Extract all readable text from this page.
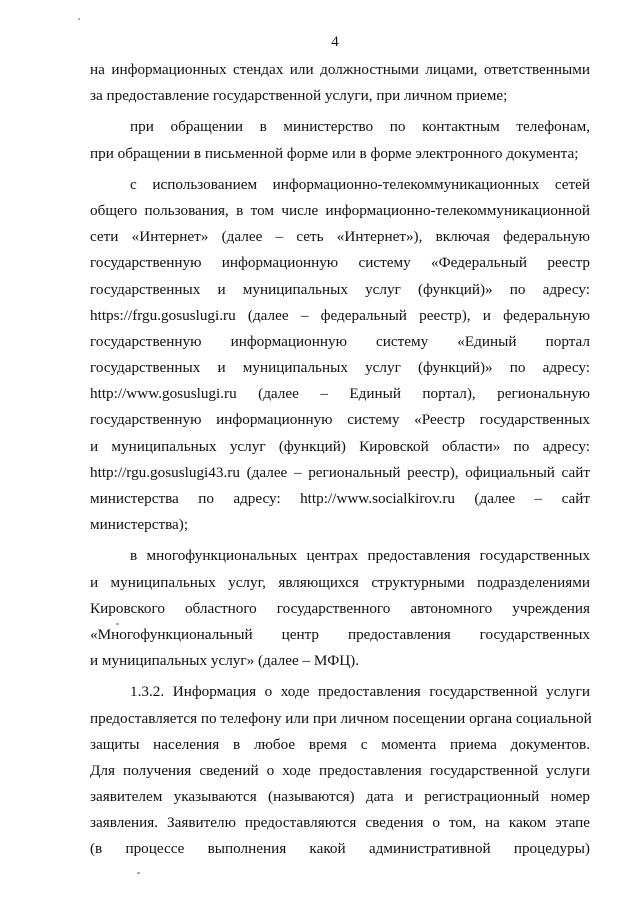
4
на информационных стендах или должностными лицами, ответственными
за предоставление государственной услуги, при личном приеме;
при обращении в министерство по контактным телефонам,
при обращении в письменной форме или в форме электронного документа;
с использованием информационно-телекоммуникационных сетей
общего пользования, в том числе информационно-телекоммуникационной
сети «Интернет» (далее – сеть «Интернет»), включая федеральную
государственную информационную систему «Федеральный реестр
государственных и муниципальных услуг (функций)» по адресу:
https://frgu.gosuslugi.ru (далее – федеральный реестр), и федеральную
государственную информационную систему «Единый портал
государственных и муниципальных услуг (функций)» по адресу:
http://www.gosuslugi.ru (далее – Единый портал), региональную
государственную информационную систему «Реестр государственных
и муниципальных услуг (функций) Кировской области» по адресу:
http://rgu.gosuslugi43.ru (далее – региональный реестр), официальный сайт
министерства по адресу: http://www.socialkirov.ru (далее – сайт
министерства);
в многофункциональных центрах предоставления государственных
и муниципальных услуг, являющихся структурными подразделениями
Кировского областного государственного автономного учреждения
«Многофункциональный центр предоставления государственных
и муниципальных услуг» (далее – МФЦ).
1.3.2. Информация о ходе предоставления государственной услуги
предоставляется по телефону или при личном посещении органа социальной
защиты населения в любое время с момента приема документов.
Для получения сведений о ходе предоставления государственной услуги
заявителем указываются (называются) дата и регистрационный номер
заявления. Заявителю предоставляются сведения о том, на каком этапе
(в процессе выполнения какой административной процедуры)
